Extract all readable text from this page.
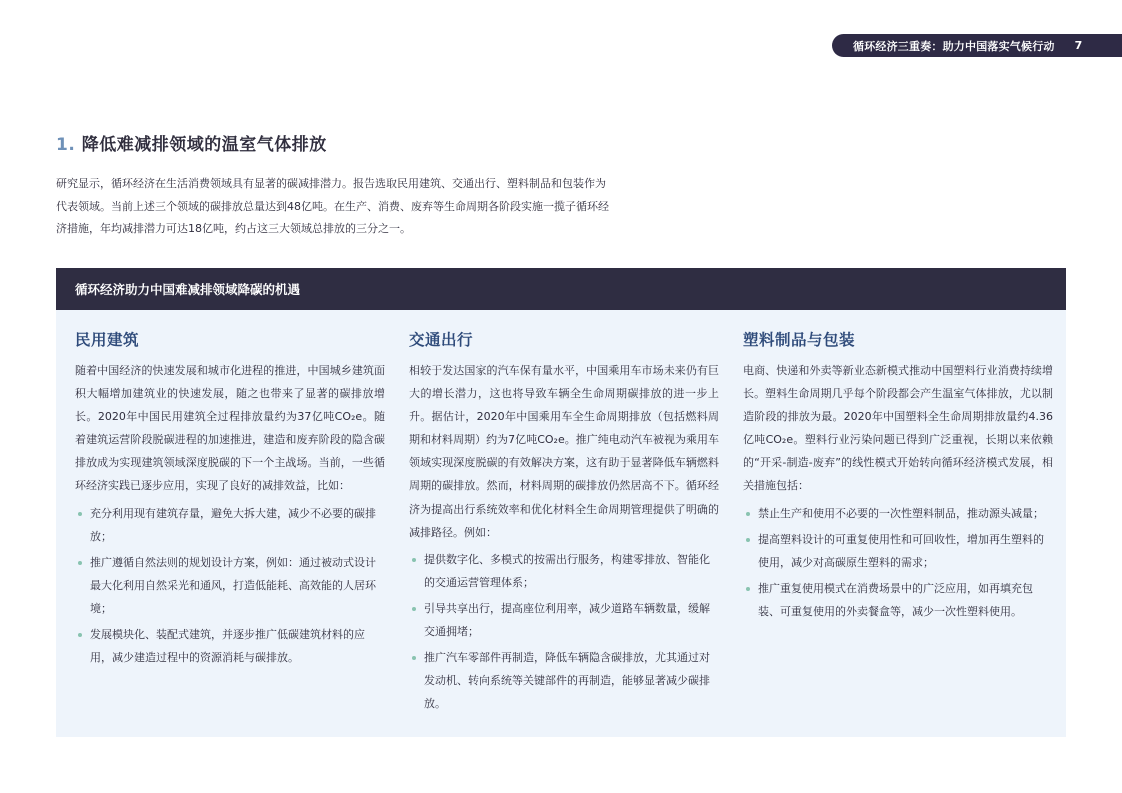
循环经济三重奏：助力中国落实气候行动 7
1. 降低难减排领域的温室气体排放

研究显示，循环经济在生活消费领域具有显著的碳减排潜力。报告选取民用建筑、交通出行、塑料制品和包装作为代表领域。当前上述三个领域的碳排放总量达到48亿吨。在生产、消费、废弃等生命周期各阶段实施一揽子循环经济措施，年均减排潜力可达18亿吨，约占这三大领域总排放的三分之一。

循环经济助力中国难减排领域降碳的机遇
民用建筑

随着中国经济的快速发展和城市化进程的推进，中国城乡建筑面积大幅增加建筑业的快速发展，随之也带来了显著的碳排放增长。2020年中国民用建筑全过程排放量约为37亿吨CO₂e。随着建筑运营阶段脱碳进程的加速推进，建造和废弃阶段的隐含碳排放成为实现建筑领域深度脱碳的下一个主战场。当前，一些循环经济实践已逐步应用，实现了良好的减排效益，比如：

充分利用现有建筑存量，避免大拆大建，减少不必要的碳排放；
推广遵循自然法则的规划设计方案，例如：通过被动式设计最大化利用自然采光和通风，打造低能耗、高效能的人居环境；
发展模块化、装配式建筑，并逐步推广低碳建筑材料的应用，减少建造过程中的资源消耗与碳排放。
交通出行

相较于发达国家的汽车保有量水平，中国乘用车市场未来仍有巨大的增长潜力，这也将导致车辆全生命周期碳排放的进一步上升。据估计，2020年中国乘用车全生命周期排放（包括燃料周期和材料周期）约为7亿吨CO₂e。推广纯电动汽车被视为乘用车领域实现深度脱碳的有效解决方案，这有助于显著降低车辆燃料周期的碳排放。然而，材料周期的碳排放仍然居高不下。循环经济为提高出行系统效率和优化材料全生命周期管理提供了明确的减排路径。例如：

提供数字化、多模式的按需出行服务，构建零排放、智能化的交通运营管理体系；
引导共享出行，提高座位利用率，减少道路车辆数量，缓解交通拥堵；
推广汽车零部件再制造，降低车辆隐含碳排放，尤其通过对发动机、转向系统等关键部件的再制造，能够显著减少碳排放。
塑料制品与包装

电商、快递和外卖等新业态新模式推动中国塑料行业消费持续增长。塑料生命周期几乎每个阶段都会产生温室气体排放，尤以制造阶段的排放为最。2020年中国塑料全生命周期排放量约4.36亿吨CO₂e。塑料行业污染问题已得到广泛重视，长期以来依赖的“开采-制造-废弃”的线性模式开始转向循环经济模式发展，相关措施包括：

禁止生产和使用不必要的一次性塑料制品，推动源头减量；
提高塑料设计的可重复使用性和可回收性，增加再生塑料的使用，减少对高碳原生塑料的需求；
推广重复使用模式在消费场景中的广泛应用，如再填充包装、可重复使用的外卖餐盒等，减少一次性塑料使用。
